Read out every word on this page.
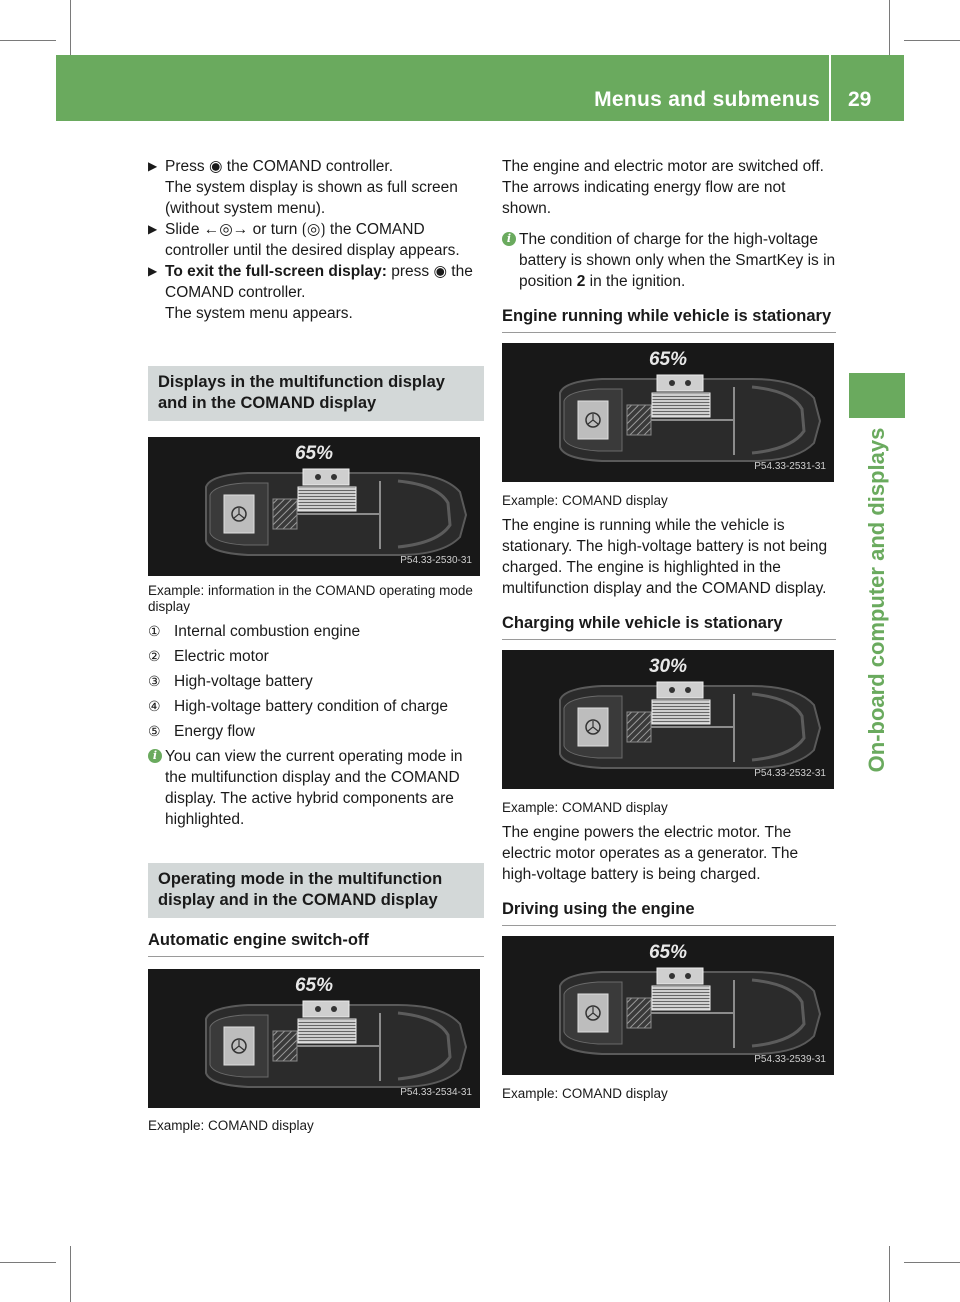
Menus and submenus 29
On-board computer and displays
▶ Press ◉ the COMAND controller.
The system display is shown as full screen (without system menu).
▶ Slide ←◎→ or turn ⟮◎⟯ the COMAND controller until the desired display appears.
▶ To exit the full-screen display: press ◉ the COMAND controller.
The system menu appears.
Displays in the multifunction display and in the COMAND display
65%
P54.33-2530-31

Example: information in the COMAND operating mode display

① Internal combustion engine
② Electric motor
③ High-voltage battery
④ High-voltage battery condition of charge
⑤ Energy flow
i You can view the current operating mode in the multifunction display and the COMAND display. The active hybrid components are highlighted.
Operating mode in the multifunction display and in the COMAND display
Automatic engine switch-off
65%
P54.33-2534-31

Example: COMAND display

The engine and electric motor are switched off. The arrows indicating energy flow are not shown.

i The condition of charge for the high-voltage battery is shown only when the SmartKey is in position 2 in the ignition.
Engine running while vehicle is stationary
65%
P54.33-2531-31

Example: COMAND display

The engine is running while the vehicle is stationary. The high-voltage battery is not being charged. The engine is highlighted in the multifunction display and the COMAND display.

Charging while vehicle is stationary
30%
P54.33-2532-31

Example: COMAND display

The engine powers the electric motor. The electric motor operates as a generator. The high-voltage battery is being charged.

Driving using the engine
65%
P54.33-2539-31

Example: COMAND display
